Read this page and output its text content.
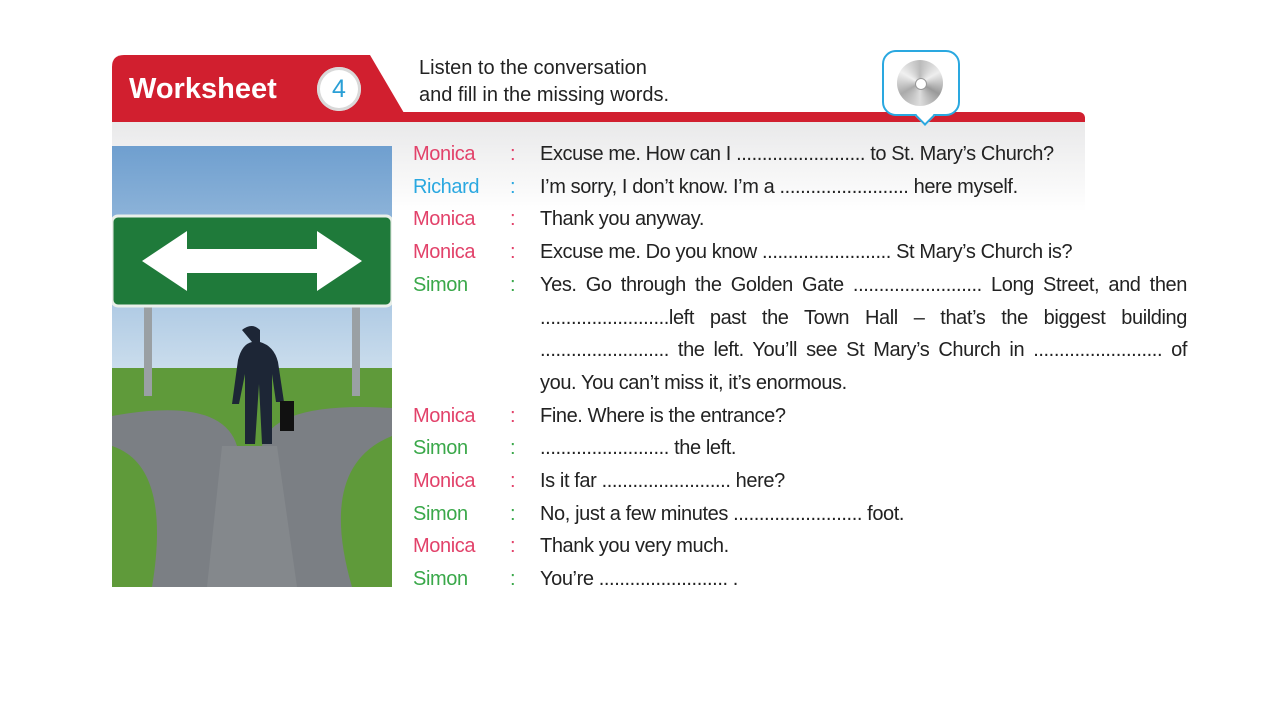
Worksheet	4
Listen to the conversation
and fill in the missing words.
Monica	:	Excuse me. How can I ......................... to St. Mary’s Church?
Richard	:	I’m sorry, I don’t know. I’m a ......................... here myself.
Monica	:	Thank you anyway.
Monica	:	Excuse me. Do you know ......................... St Mary’s Church is?
Simon	:	Yes. Go through the Golden Gate ......................... Long Street, and then .........................left past the Town Hall – that’s the biggest building ......................... the left. You’ll see St Mary’s Church in ......................... of you. You can’t miss it, it’s enormous.
Monica	:	Fine. Where is the entrance?
Simon	:	......................... the left.
Monica	:	Is it far ......................... here?
Simon	:	No, just a few minutes ......................... foot.
Monica	:	Thank you very much.
Simon	:	You’re ......................... .
